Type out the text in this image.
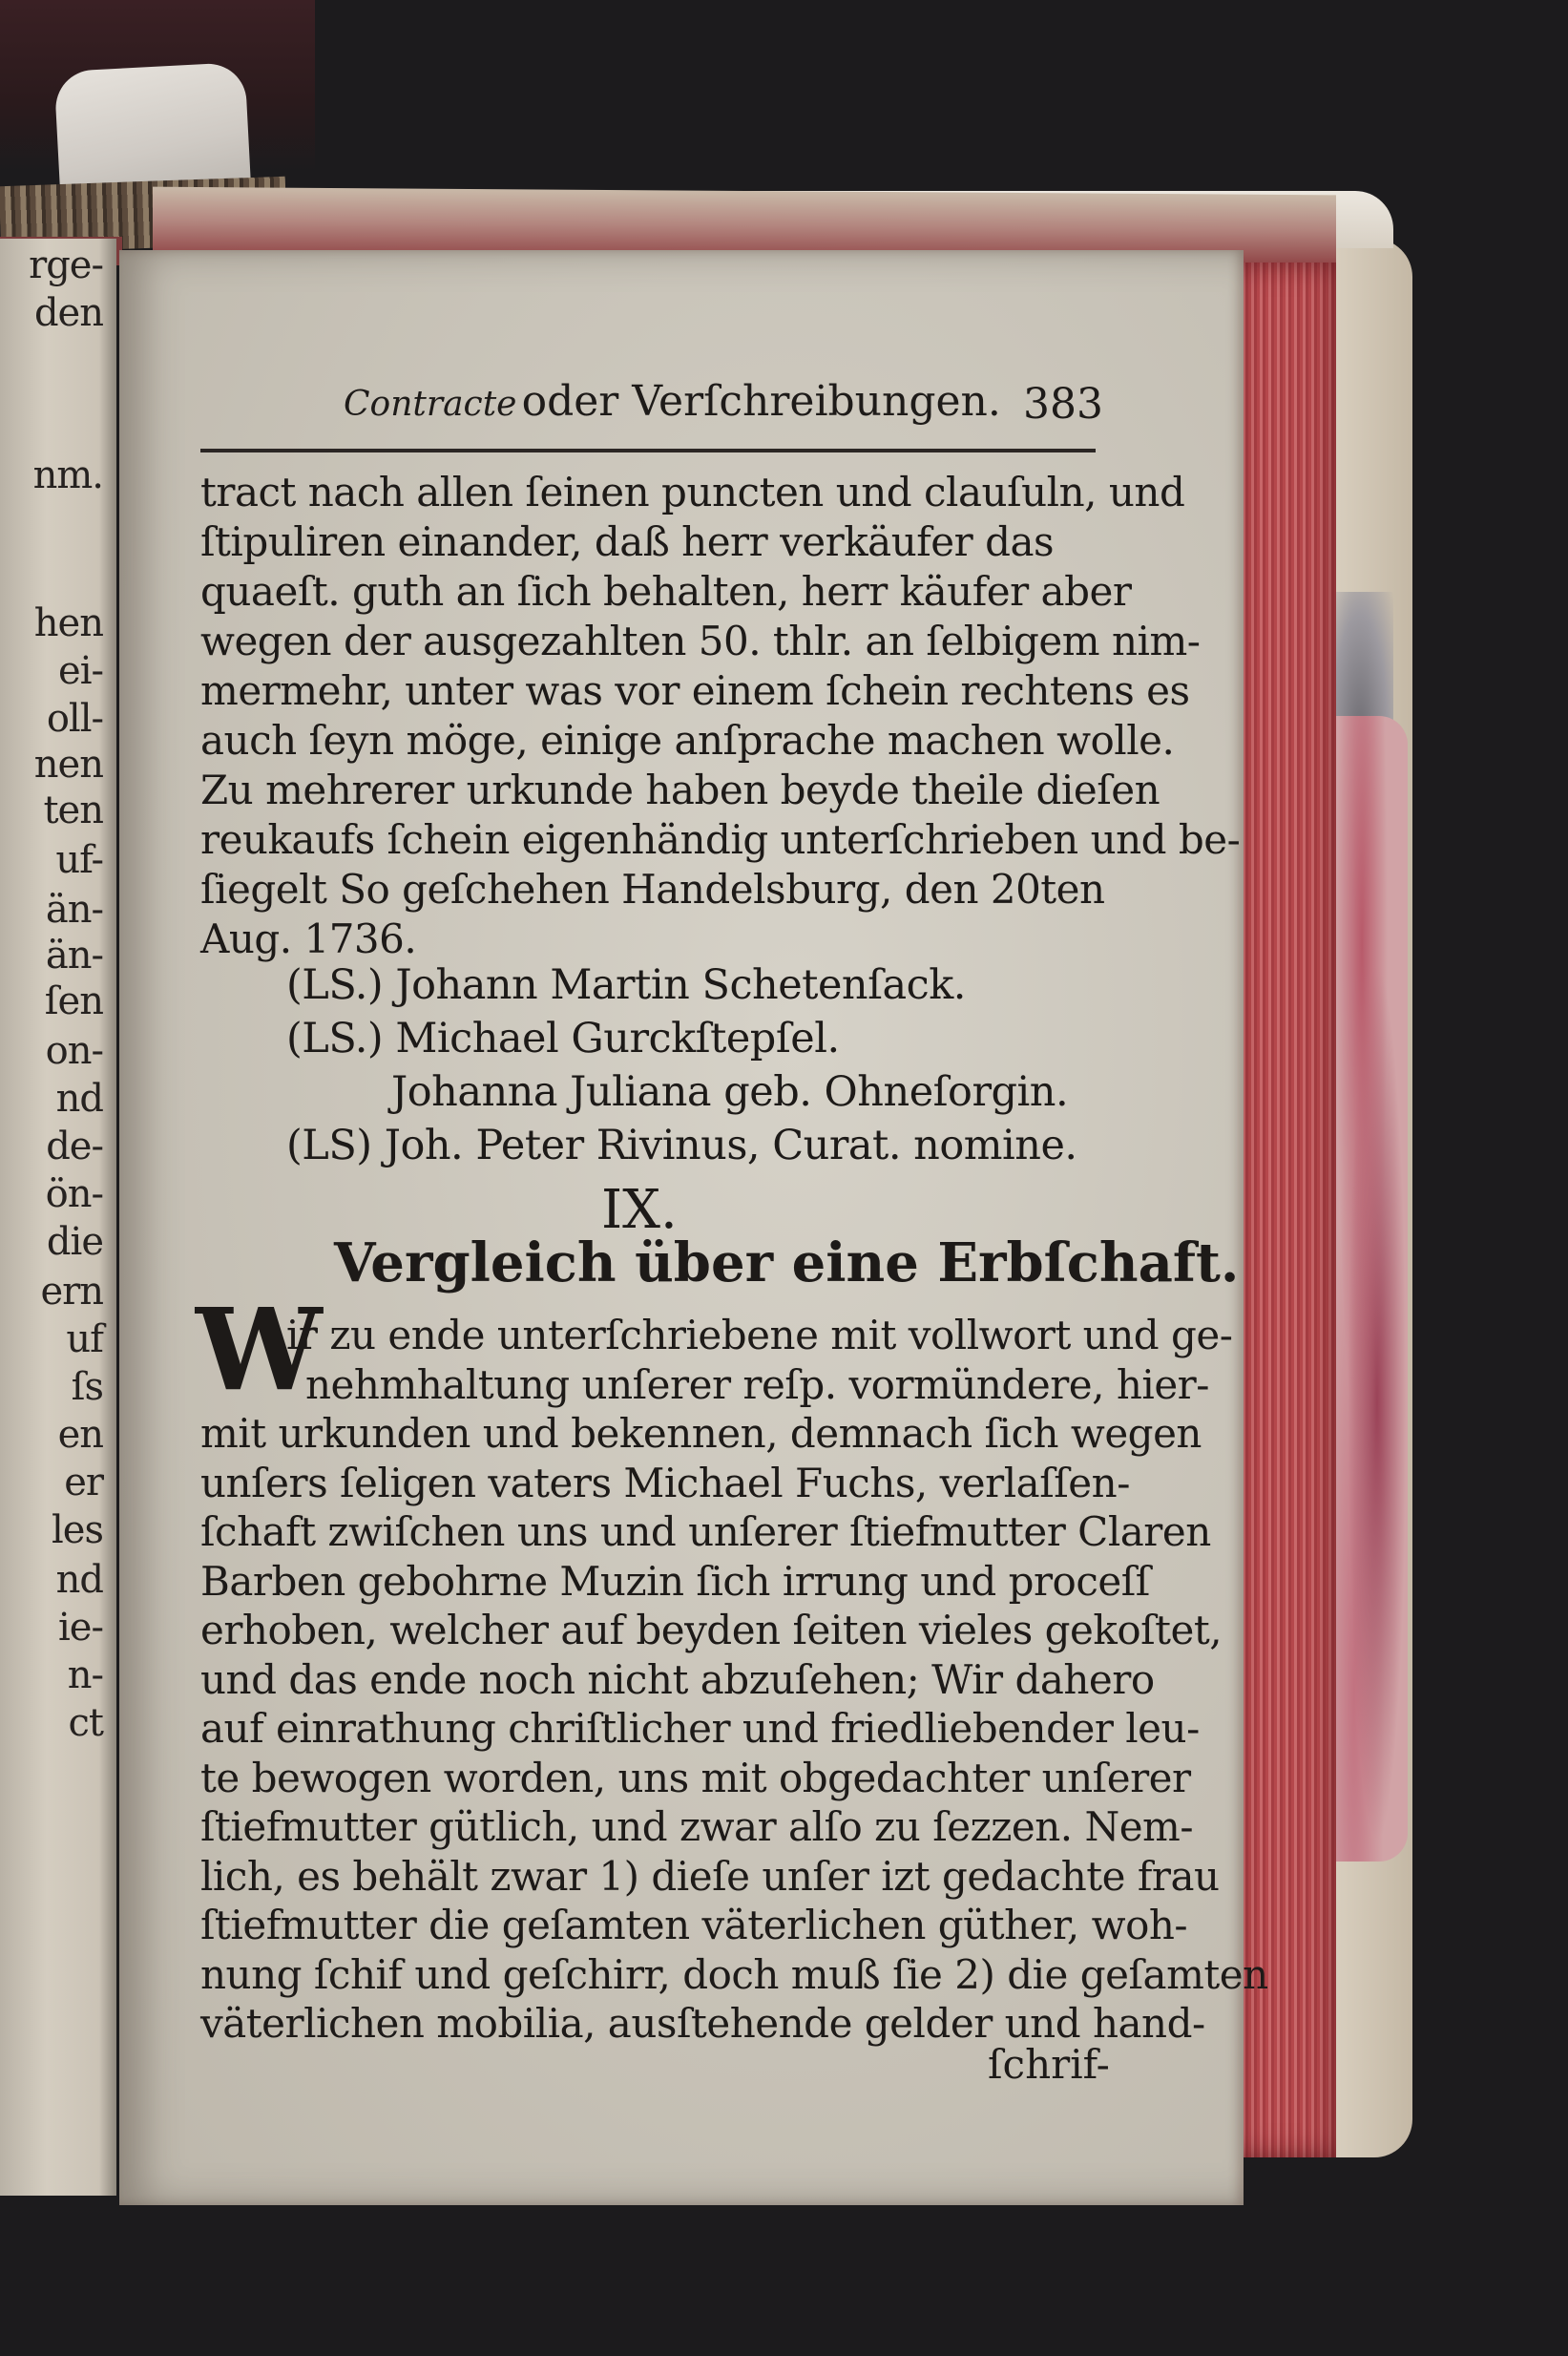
rge-
den
nm.
hen
ei-
oll-
nen
ten
uf-
än-
än-
ſen
on-
nd
de-
ön-
die
ern
uf
ſs
en
er
les
nd
ie-
n-
ct
Contracte oder Verſchreibungen. 383
tract nach allen ſeinen puncten und clauſuln, und
ſtipuliren einander, daß herr verkäufer das
quaeſt. guth an ſich behalten, herr käufer aber
wegen der ausgezahlten 50. thlr. an ſelbigem nim-
mermehr, unter was vor einem ſchein rechtens es
auch ſeyn möge, einige anſprache machen wolle.
Zu mehrerer urkunde haben beyde theile dieſen
reukaufs ſchein eigenhändig unterſchrieben und be-
ſiegelt So geſchehen Handelsburg, den 20ten
Aug. 1736.
(LS.) Johann Martin Schetenſack.
(LS.) Michael Gurckſtepſel.
Johanna Juliana geb. Ohneſorgin.
(LS) Joh. Peter Rivinus, Curat. nomine.
IX.
Vergleich über eine Erbſchaft.
W
ir zu ende unterſchriebene mit vollwort und ge-
nehmhaltung unſerer reſp. vormündere, hier-
mit urkunden und bekennen, demnach ſich wegen
unſers ſeligen vaters Michael Fuchs, verlaſſen-
ſchaft zwiſchen uns und unſerer ſtiefmutter Claren
Barben gebohrne Muzin ſich irrung und proceſſ
erhoben, welcher auf beyden ſeiten vieles gekoſtet,
und das ende noch nicht abzuſehen; Wir dahero
auf einrathung chriſtlicher und friedliebender leu-
te bewogen worden, uns mit obgedachter unſerer
ſtiefmutter gütlich, und zwar alſo zu ſezzen. Nem-
lich, es behält zwar 1) dieſe unſer izt gedachte frau
ſtiefmutter die geſamten väterlichen güther, woh-
nung ſchif und geſchirr, doch muß ſie 2) die geſamten
väterlichen mobilia, ausſtehende gelder und hand-
ſchrif-
